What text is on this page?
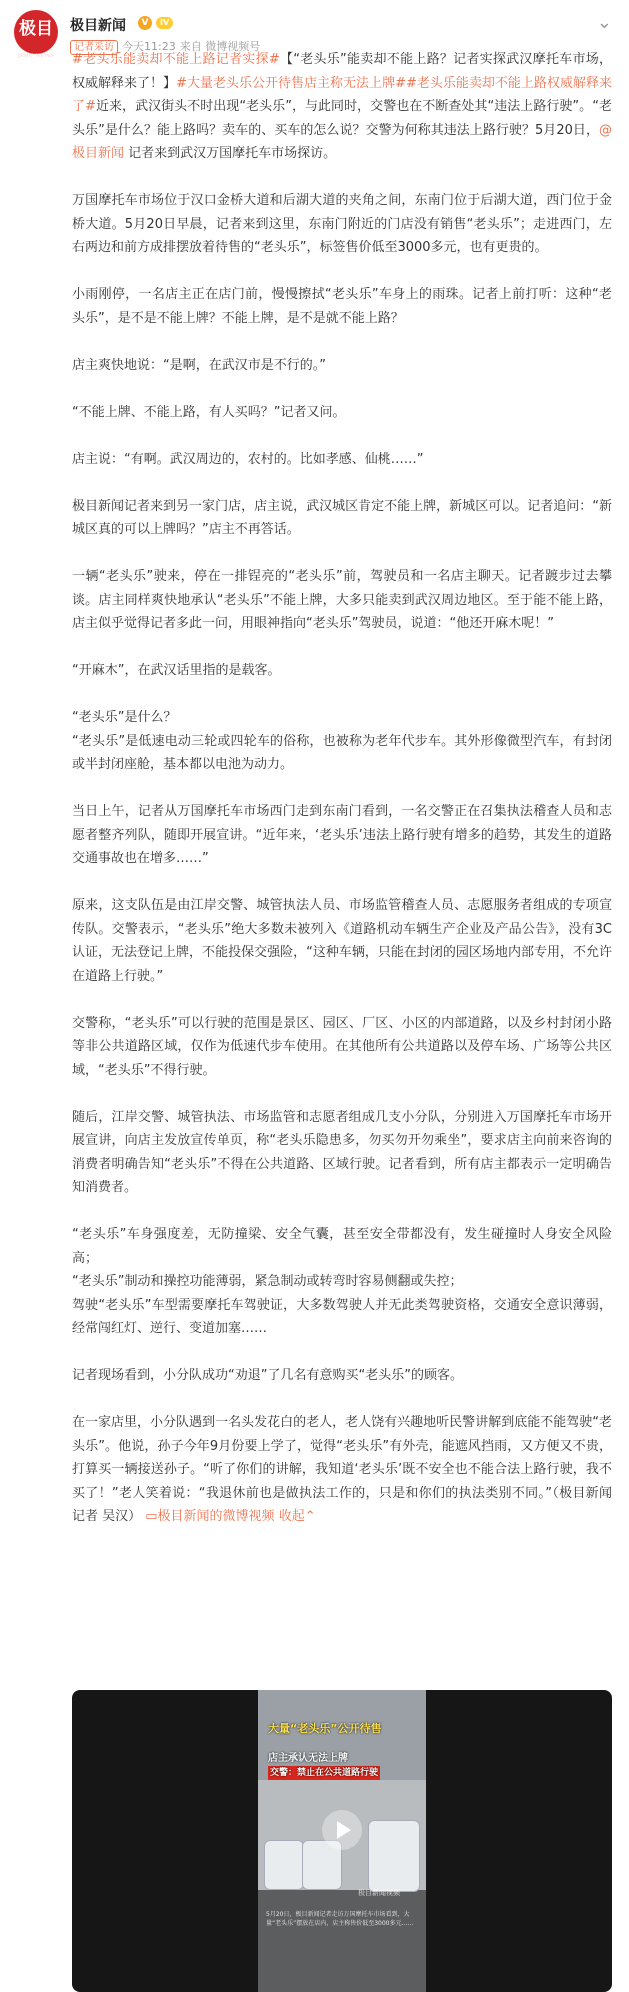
极目
JIMU NEWS
极目新闻	V	IV
记者采访 今天11:23 来自 微博视频号
⌄

#老头乐能卖却不能上路记者实探#【“老头乐”能卖却不能上路？记者实探武汉摩托车市场，权威解释来了！】#大量老头乐公开待售店主称无法上牌##老头乐能卖却不能上路权威解释来了#近来，武汉街头不时出现“老头乐”，与此同时，交警也在不断查处其“违法上路行驶”。“老头乐”是什么？能上路吗？卖车的、买车的怎么说？交警为何称其违法上路行驶？5月20日，@极目新闻 记者来到武汉万国摩托车市场探访。

万国摩托车市场位于汉口金桥大道和后湖大道的夹角之间，东南门位于后湖大道，西门位于金桥大道。5月20日早晨，记者来到这里，东南门附近的门店没有销售“老头乐”；走进西门，左右两边和前方成排摆放着待售的“老头乐”，标签售价低至3000多元，也有更贵的。

小雨刚停，一名店主正在店门前，慢慢擦拭“老头乐”车身上的雨珠。记者上前打听：这种“老头乐”，是不是不能上牌？不能上牌，是不是就不能上路？

店主爽快地说：“是啊，在武汉市是不行的。”

“不能上牌、不能上路，有人买吗？”记者又问。

店主说：“有啊。武汉周边的，农村的。比如孝感、仙桃……”

极目新闻记者来到另一家门店，店主说，武汉城区肯定不能上牌，新城区可以。记者追问：“新城区真的可以上牌吗？”店主不再答话。

一辆“老头乐”驶来，停在一排锃亮的“老头乐”前，驾驶员和一名店主聊天。记者踱步过去攀谈。店主同样爽快地承认“老头乐”不能上牌，大多只能卖到武汉周边地区。至于能不能上路，店主似乎觉得记者多此一问，用眼神指向“老头乐”驾驶员，说道：“他还开麻木呢！”

“开麻木”，在武汉话里指的是载客。

“老头乐”是什么？

“老头乐”是低速电动三轮或四轮车的俗称，也被称为老年代步车。其外形像微型汽车，有封闭或半封闭座舱，基本都以电池为动力。

当日上午，记者从万国摩托车市场西门走到东南门看到，一名交警正在召集执法稽查人员和志愿者整齐列队，随即开展宣讲。“近年来，‘老头乐’违法上路行驶有增多的趋势，其发生的道路交通事故也在增多……”

原来，这支队伍是由江岸交警、城管执法人员、市场监管稽查人员、志愿服务者组成的专项宣传队。交警表示，“老头乐”绝大多数未被列入《道路机动车辆生产企业及产品公告》，没有3C认证，无法登记上牌，不能投保交强险，“这种车辆，只能在封闭的园区场地内部专用，不允许在道路上行驶。”

交警称，“老头乐”可以行驶的范围是景区、园区、厂区、小区的内部道路，以及乡村封闭小路等非公共道路区域，仅作为低速代步车使用。在其他所有公共道路以及停车场、广场等公共区域，“老头乐”不得行驶。

随后，江岸交警、城管执法、市场监管和志愿者组成几支小分队，分别进入万国摩托车市场开展宣讲，向店主发放宣传单页，称“老头乐隐患多，勿买勿开勿乘坐”，要求店主向前来咨询的消费者明确告知“老头乐”不得在公共道路、区域行驶。记者看到，所有店主都表示一定明确告知消费者。

“老头乐”车身强度差，无防撞梁、安全气囊，甚至安全带都没有，发生碰撞时人身安全风险高；

“老头乐”制动和操控功能薄弱，紧急制动或转弯时容易侧翻或失控；

驾驶“老头乐”车型需要摩托车驾驶证，大多数驾驶人并无此类驾驶资格，交通安全意识薄弱，经常闯红灯、逆行、变道加塞……

记者现场看到，小分队成功“劝退”了几名有意购买“老头乐”的顾客。

在一家店里，小分队遇到一名头发花白的老人，老人饶有兴趣地听民警讲解到底能不能驾驶“老头乐”。他说，孙子今年9月份要上学了，觉得“老头乐”有外壳，能遮风挡雨，又方便又不贵，打算买一辆接送孙子。“听了你们的讲解，我知道‘老头乐’既不安全也不能合法上路行驶，我不买了！”老人笑着说：“我退休前也是做执法工作的，只是和你们的执法类别不同。”（极目新闻记者 吴汉） ▭极目新闻的微博视频 收起⌃

大量“老头乐”公开待售
店主承认无法上牌
交警：禁止在公共道路行驶
极目新闻视频
5月20日，极目新闻记者走访万国摩托车市场看到，大量“老头乐”摆放在店内，店主称售价低至3000多元……
